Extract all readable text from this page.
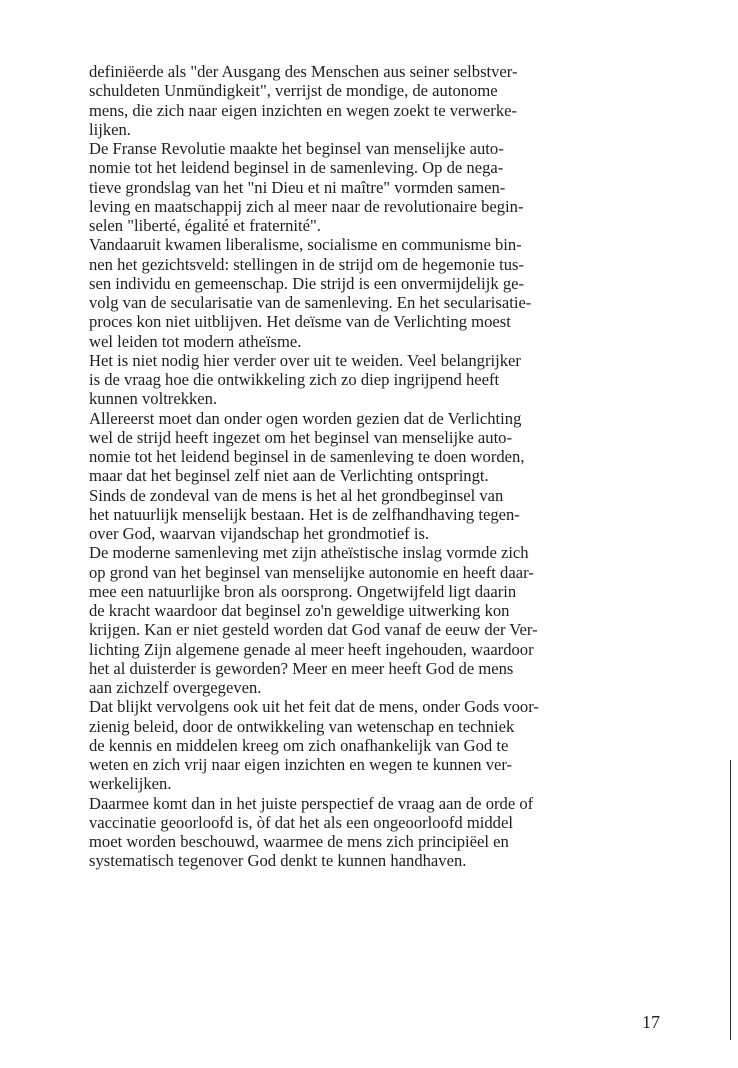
definiëerde als "der Ausgang des Menschen aus seiner selbstver-
schuldeten Unmündigkeit", verrijst de mondige, de autonome
mens, die zich naar eigen inzichten en wegen zoekt te verwerke-
lijken.

De Franse Revolutie maakte het beginsel van menselijke auto-
nomie tot het leidend beginsel in de samenleving. Op de nega-
tieve grondslag van het "ni Dieu et ni maître" vormden samen-
leving en maatschappij zich al meer naar de revolutionaire begin-
selen "liberté, égalité et fraternité".

Vandaaruit kwamen liberalisme, socialisme en communisme bin-
nen het gezichtsveld: stellingen in de strijd om de hegemonie tus-
sen individu en gemeenschap. Die strijd is een onvermijdelijk ge-
volg van de secularisatie van de samenleving. En het secularisatie-
proces kon niet uitblijven. Het deïsme van de Verlichting moest
wel leiden tot modern atheïsme.

Het is niet nodig hier verder over uit te weiden. Veel belangrijker
is de vraag hoe die ontwikkeling zich zo diep ingrijpend heeft
kunnen voltrekken.

Allereerst moet dan onder ogen worden gezien dat de Verlichting
wel de strijd heeft ingezet om het beginsel van menselijke auto-
nomie tot het leidend beginsel in de samenleving te doen worden,
maar dat het beginsel zelf niet aan de Verlichting ontspringt.

Sinds de zondeval van de mens is het al het grondbeginsel van
het natuurlijk menselijk bestaan. Het is de zelfhandhaving tegen-
over God, waarvan vijandschap het grondmotief is.

De moderne samenleving met zijn atheïstische inslag vormde zich
op grond van het beginsel van menselijke autonomie en heeft daar-
mee een natuurlijke bron als oorsprong. Ongetwijfeld ligt daarin
de kracht waardoor dat beginsel zo'n geweldige uitwerking kon
krijgen. Kan er niet gesteld worden dat God vanaf de eeuw der Ver-
lichting Zijn algemene genade al meer heeft ingehouden, waardoor
het al duisterder is geworden? Meer en meer heeft God de mens
aan zichzelf overgegeven.

Dat blijkt vervolgens ook uit het feit dat de mens, onder Gods voor-
zienig beleid, door de ontwikkeling van wetenschap en techniek
de kennis en middelen kreeg om zich onafhankelijk van God te
weten en zich vrij naar eigen inzichten en wegen te kunnen ver-
werkelijken.

Daarmee komt dan in het juiste perspectief de vraag aan de orde of
vaccinatie geoorloofd is, òf dat het als een ongeoorloofd middel
moet worden beschouwd, waarmee de mens zich principiëel en
systematisch tegenover God denkt te kunnen handhaven.

17
